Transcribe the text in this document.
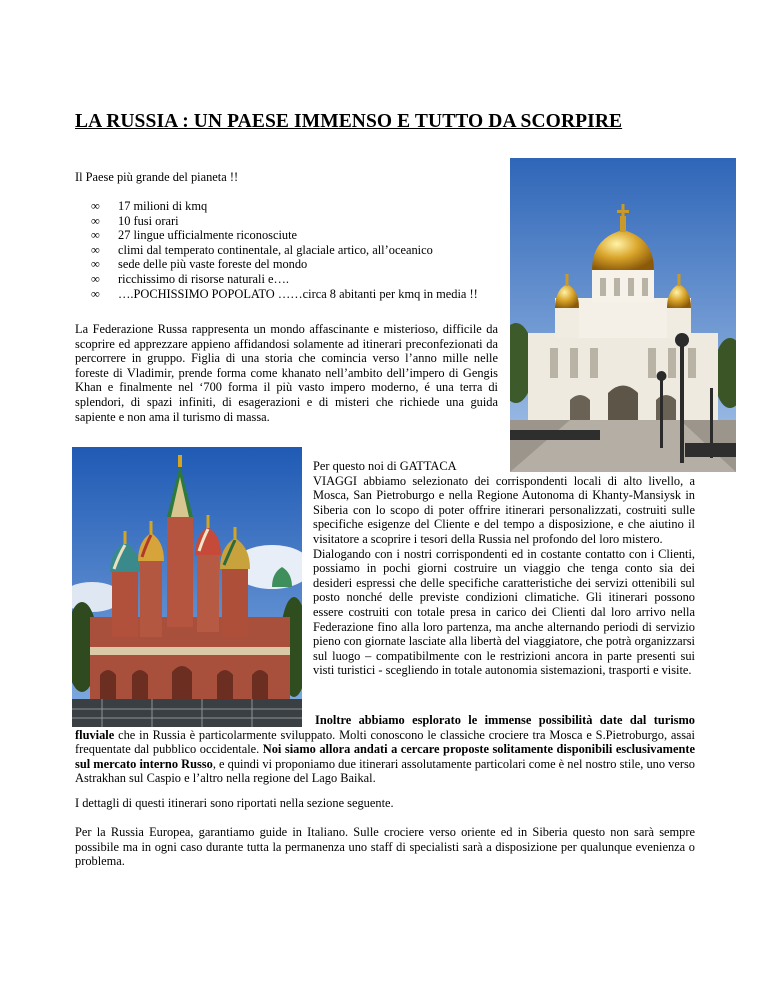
LA RUSSIA : UN PAESE IMMENSO E TUTTO DA SCORPIRE
Il Paese più grande del pianeta !!
∞ 17 milioni di kmq
∞ 10 fusi orari
∞ 27 lingue ufficialmente riconosciute
∞ climi dal temperato continentale, al glaciale artico, all’oceanico
∞ sede delle più vaste foreste del mondo
∞ ricchissimo di risorse naturali e….
∞ ….POCHISSIMO POPOLATO ……circa 8 abitanti per kmq in media !!

La Federazione Russa rappresenta un mondo affascinante e misterioso, difficile da scoprire ed apprezzare appieno affidandosi solamente ad itinerari preconfezionati da percorrere in gruppo. Figlia di una storia che comincia verso l’anno mille nelle foreste di Vladimir, prende forma come khanato nell’ambito dell’impero di Gengis Khan e finalmente nel ‘700 forma il più vasto impero moderno, é una terra di splendori, di spazi infiniti, di esagerazioni e di misteri che richiede una guida sapiente e non ama il turismo di massa.

Per questo noi di GATTACA
VIAGGI abbiamo selezionato dei corrispondenti locali di alto livello, a Mosca, San Pietroburgo e nella Regione Autonoma di Khanty-Mansiysk in Siberia con lo scopo di poter offrire itinerari personalizzati, costruiti sulle specifiche esigenze del Cliente e del tempo a disposizione, e che aiutino il visitatore a scoprire i tesori della Russia nel profondo del loro mistero.
Dialogando con i nostri corrispondenti ed in costante contatto con i Clienti, possiamo in pochi giorni costruire un viaggio che tenga conto sia dei desideri espressi che delle specifiche caratteristiche dei servizi ottenibili sul posto nonché delle previste condizioni climatiche. Gli itinerari possono essere costruiti con totale presa in carico dei Clienti dal loro arrivo nella Federazione fino alla loro partenza, ma anche alternando periodi di servizio pieno con giornate lasciate alla libertà del viaggiatore, che potrà organizzarsi sul luogo – compatibilmente con le restrizioni ancora in parte presenti sui visti turistici - scegliendo in totale autonomia sistemazioni, trasporti e visite.

Inoltre abbiamo esplorato le immense possibilità date dal turismo fluviale che in Russia è particolarmente sviluppato. Molti conoscono le classiche crociere tra Mosca e S.Pietroburgo, assai frequentate dal pubblico occidentale. Noi siamo allora andati a cercare proposte solitamente disponibili esclusivamente sul mercato interno Russo, e quindi vi proponiamo due itinerari assolutamente particolari come è nel nostro stile, uno verso Astrakhan sul Caspio e l’altro nella regione del Lago Baikal.

I dettagli di questi itinerari sono riportati nella sezione seguente.

Per la Russia Europea, garantiamo guide in Italiano. Sulle crociere verso oriente ed in Siberia questo non sarà sempre possibile ma in ogni caso durante tutta la permanenza uno staff di specialisti sarà a disposizione per qualunque evenienza o problema.
